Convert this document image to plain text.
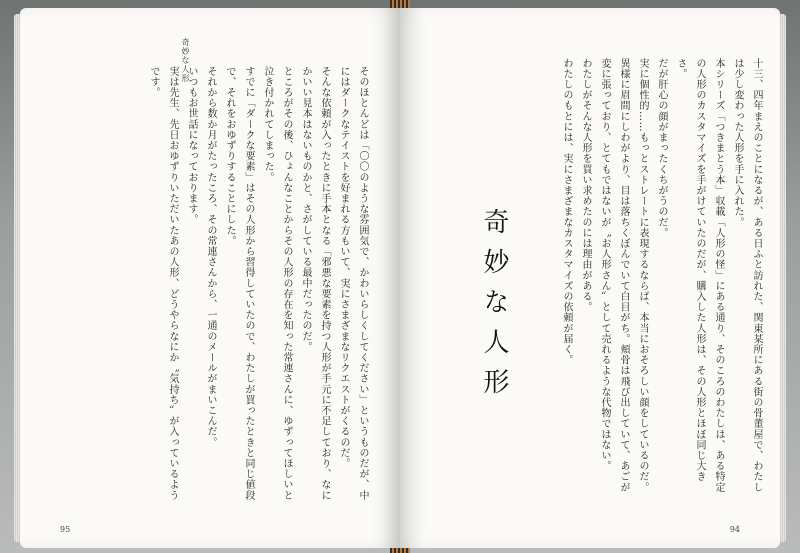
奇妙な人形

そのほとんどは「〇〇のような雰囲気で、かわいらしくしてください」というものだが、中にはダークなテイストを好まれる方もいて、実にさまざまなリクエストがくるのだ。

そんな依頼が入ったときに手本となる「邪悪な要素を持つ人形が手元に不足しており、なにかいい見本はないものかと、さがしている最中だったのだ。

ところがその後、ひょんなことからその人形の存在を知った常連さんに、ゆずってほしいと泣き付かれてしまった。

すでに「ダークな要素」はその人形から習得していたので、わたしが買ったときと同じ値段で、それをおゆずりすることにした。

それから数か月がたったころ、その常連さんから、一通のメールがまいこんだ。

いつもお世話になっております。

実は先生、先日おゆずりいただいたあの人形、どうやらなにか〝気持ち〟が入っているようです。

95

十三、四年まえのことになるが、ある日ふと訪れた、関東某所にある街の骨董屋で、わたしは少し変わった人形を手に入れた。

本シリーズ「つきまとう本」収載「人形の怪」にある通り、そのころのわたしは、ある特定の人形のカスタマイズを手がけていたのだが、購入した人形は、その人形とほぼ同じ大きさ。

だが肝心の顔がまったくちがうのだ。

実に個性的……もっとストレートに表現するならば、本当におそろしい顔をしているのだ。

異様に眉間にしわがより、目は落ちくぼんでいて白目がち。頬骨は飛び出していて、あごが変に張っており、とてもではないが〝お人形さん〟として売れるような代物ではない。

わたしがそんな人形を買い求めたのには理由がある。

わたしのもとには、実にさまざまなカスタマイズの依頼が届く。

奇妙な人形
94
